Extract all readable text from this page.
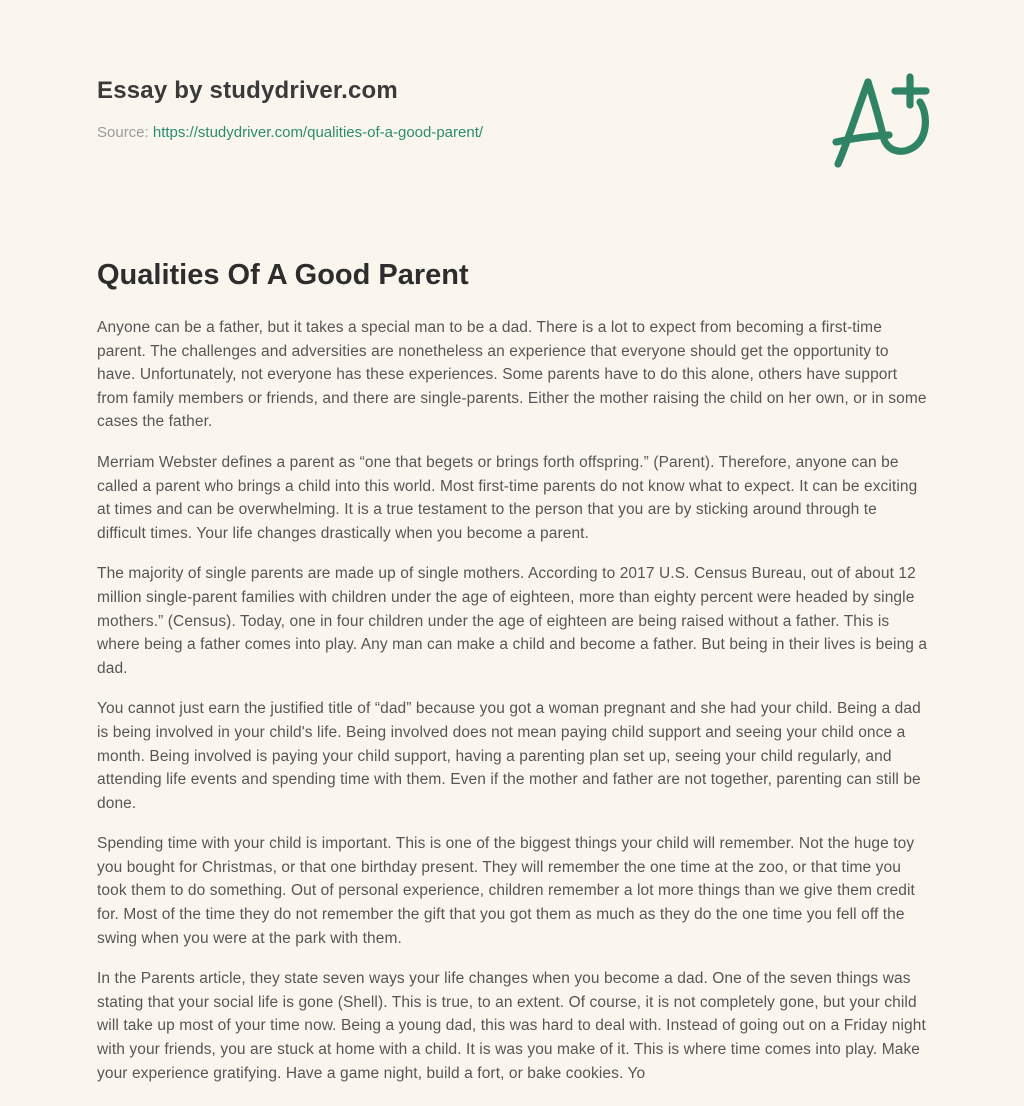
Essay by studydriver.com
Source: https://studydriver.com/qualities-of-a-good-parent/
Qualities Of A Good Parent

Anyone can be a father, but it takes a special man to be a dad. There is a lot to expect from becoming a first-time parent. The challenges and adversities are nonetheless an experience that everyone should get the opportunity to have. Unfortunately, not everyone has these experiences. Some parents have to do this alone, others have support from family members or friends, and there are single-parents. Either the mother raising the child on her own, or in some cases the father.

Merriam Webster defines a parent as “one that begets or brings forth offspring.” (Parent). Therefore, anyone can be called a parent who brings a child into this world. Most first-time parents do not know what to expect. It can be exciting at times and can be overwhelming. It is a true testament to the person that you are by sticking around through te difficult times. Your life changes drastically when you become a parent.

The majority of single parents are made up of single mothers. According to 2017 U.S. Census Bureau, out of about 12 million single-parent families with children under the age of eighteen, more than eighty percent were headed by single mothers.” (Census). Today, one in four children under the age of eighteen are being raised without a father. This is where being a father comes into play. Any man can make a child and become a father. But being in their lives is being a dad.

You cannot just earn the justified title of “dad” because you got a woman pregnant and she had your child. Being a dad is being involved in your child's life. Being involved does not mean paying child support and seeing your child once a month. Being involved is paying your child support, having a parenting plan set up, seeing your child regularly, and attending life events and spending time with them. Even if the mother and father are not together, parenting can still be done.

Spending time with your child is important. This is one of the biggest things your child will remember. Not the huge toy you bought for Christmas, or that one birthday present. They will remember the one time at the zoo, or that time you took them to do something. Out of personal experience, children remember a lot more things than we give them credit for. Most of the time they do not remember the gift that you got them as much as they do the one time you fell off the swing when you were at the park with them.

In the Parents article, they state seven ways your life changes when you become a dad. One of the seven things was stating that your social life is gone (Shell). This is true, to an extent. Of course, it is not completely gone, but your child will take up most of your time now. Being a young dad, this was hard to deal with. Instead of going out on a Friday night with your friends, you are stuck at home with a child. It is was you make of it. This is where time comes into play. Make your experience gratifying. Have a game night, build a fort, or bake cookies. Yo
